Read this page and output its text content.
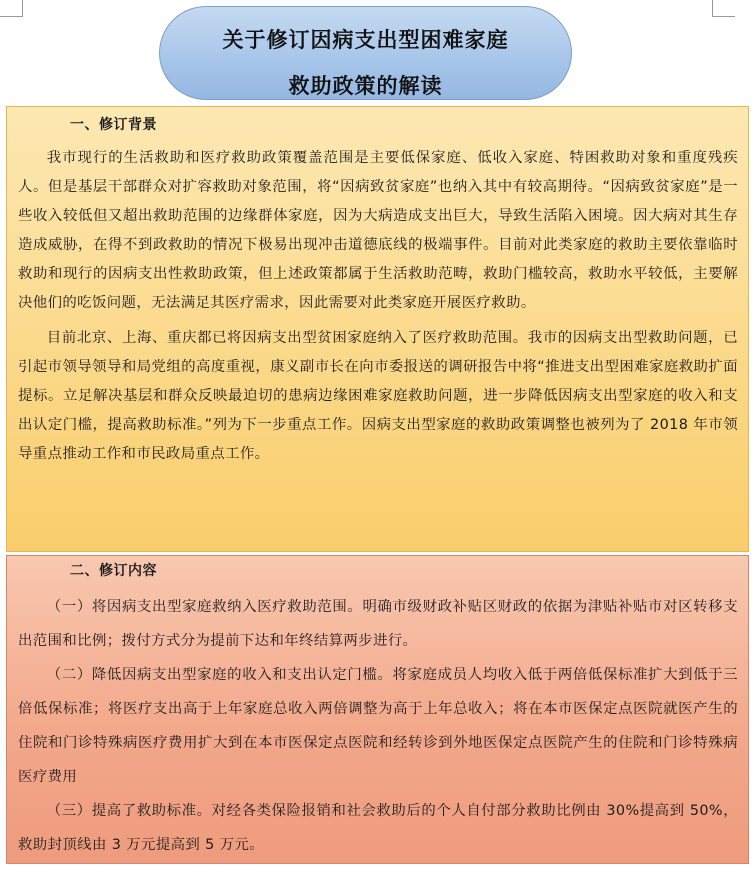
关于修订因病支出型困难家庭
救助政策的解读
一、修订背景

我市现行的生活救助和医疗救助政策覆盖范围是主要低保家庭、低收入家庭、特困救助对象和重度残疾人。但是基层干部群众对扩容救助对象范围，将“因病致贫家庭”也纳入其中有较高期待。“因病致贫家庭”是一些收入较低但又超出救助范围的边缘群体家庭，因为大病造成支出巨大，导致生活陷入困境。因大病对其生存造成威胁，在得不到政救助的情况下极易出现冲击道德底线的极端事件。目前对此类家庭的救助主要依靠临时救助和现行的因病支出性救助政策，但上述政策都属于生活救助范畴，救助门槛较高，救助水平较低，主要解决他们的吃饭问题，无法满足其医疗需求，因此需要对此类家庭开展医疗救助。

目前北京、上海、重庆都已将因病支出型贫困家庭纳入了医疗救助范围。我市的因病支出型救助问题，已引起市领导领导和局党组的高度重视，康义副市长在向市委报送的调研报告中将“推进支出型困难家庭救助扩面提标。立足解决基层和群众反映最迫切的患病边缘困难家庭救助问题，进一步降低因病支出型家庭的收入和支出认定门槛，提高救助标准。”列为下一步重点工作。因病支出型家庭的救助政策调整也被列为了 2018 年市领导重点推动工作和市民政局重点工作。

二、修订内容

（一）将因病支出型家庭救纳入医疗救助范围。明确市级财政补贴区财政的依据为津贴补贴市对区转移支出范围和比例；拨付方式分为提前下达和年终结算两步进行。

（二）降低因病支出型家庭的收入和支出认定门槛。将家庭成员人均收入低于两倍低保标准扩大到低于三倍低保标准；将医疗支出高于上年家庭总收入两倍调整为高于上年总收入；将在本市医保定点医院就医产生的住院和门诊特殊病医疗费用扩大到在本市医保定点医院和经转诊到外地医保定点医院产生的住院和门诊特殊病医疗费用

（三）提高了救助标准。对经各类保险报销和社会救助后的个人自付部分救助比例由 30%提高到 50%，救助封顶线由 3 万元提高到 5 万元。
